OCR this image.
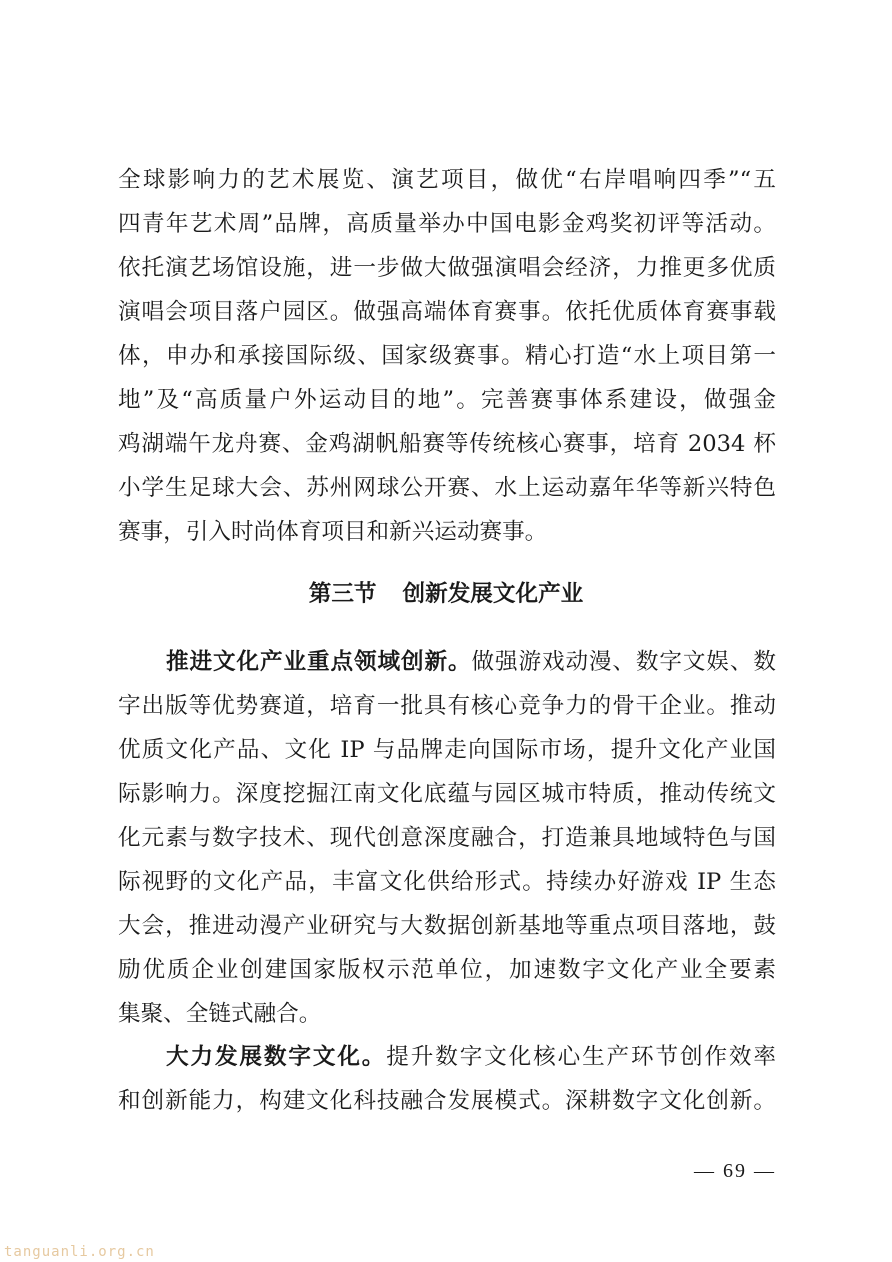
全球影响力的艺术展览、演艺项目，做优“右岸唱响四季”“五
四青年艺术周”品牌，高质量举办中国电影金鸡奖初评等活动。
依托演艺场馆设施，进一步做大做强演唱会经济，力推更多优质
演唱会项目落户园区。做强高端体育赛事。依托优质体育赛事载
体，申办和承接国际级、国家级赛事。精心打造“水上项目第一
地”及“高质量户外运动目的地”。完善赛事体系建设，做强金
鸡湖端午龙舟赛、金鸡湖帆船赛等传统核心赛事，培育 2034 杯
小学生足球大会、苏州网球公开赛、水上运动嘉年华等新兴特色
赛事，引入时尚体育项目和新兴运动赛事。
第三节 创新发展文化产业
推进文化产业重点领域创新。做强游戏动漫、数字文娱、数
字出版等优势赛道，培育一批具有核心竞争力的骨干企业。推动
优质文化产品、文化 IP 与品牌走向国际市场，提升文化产业国
际影响力。深度挖掘江南文化底蕴与园区城市特质，推动传统文
化元素与数字技术、现代创意深度融合，打造兼具地域特色与国
际视野的文化产品，丰富文化供给形式。持续办好游戏 IP 生态
大会，推进动漫产业研究与大数据创新基地等重点项目落地，鼓
励优质企业创建国家版权示范单位，加速数字文化产业全要素
集聚、全链式融合。
大力发展数字文化。提升数字文化核心生产环节创作效率
和创新能力，构建文化科技融合发展模式。深耕数字文化创新。
— 69 —
tanguanli.org.cn
